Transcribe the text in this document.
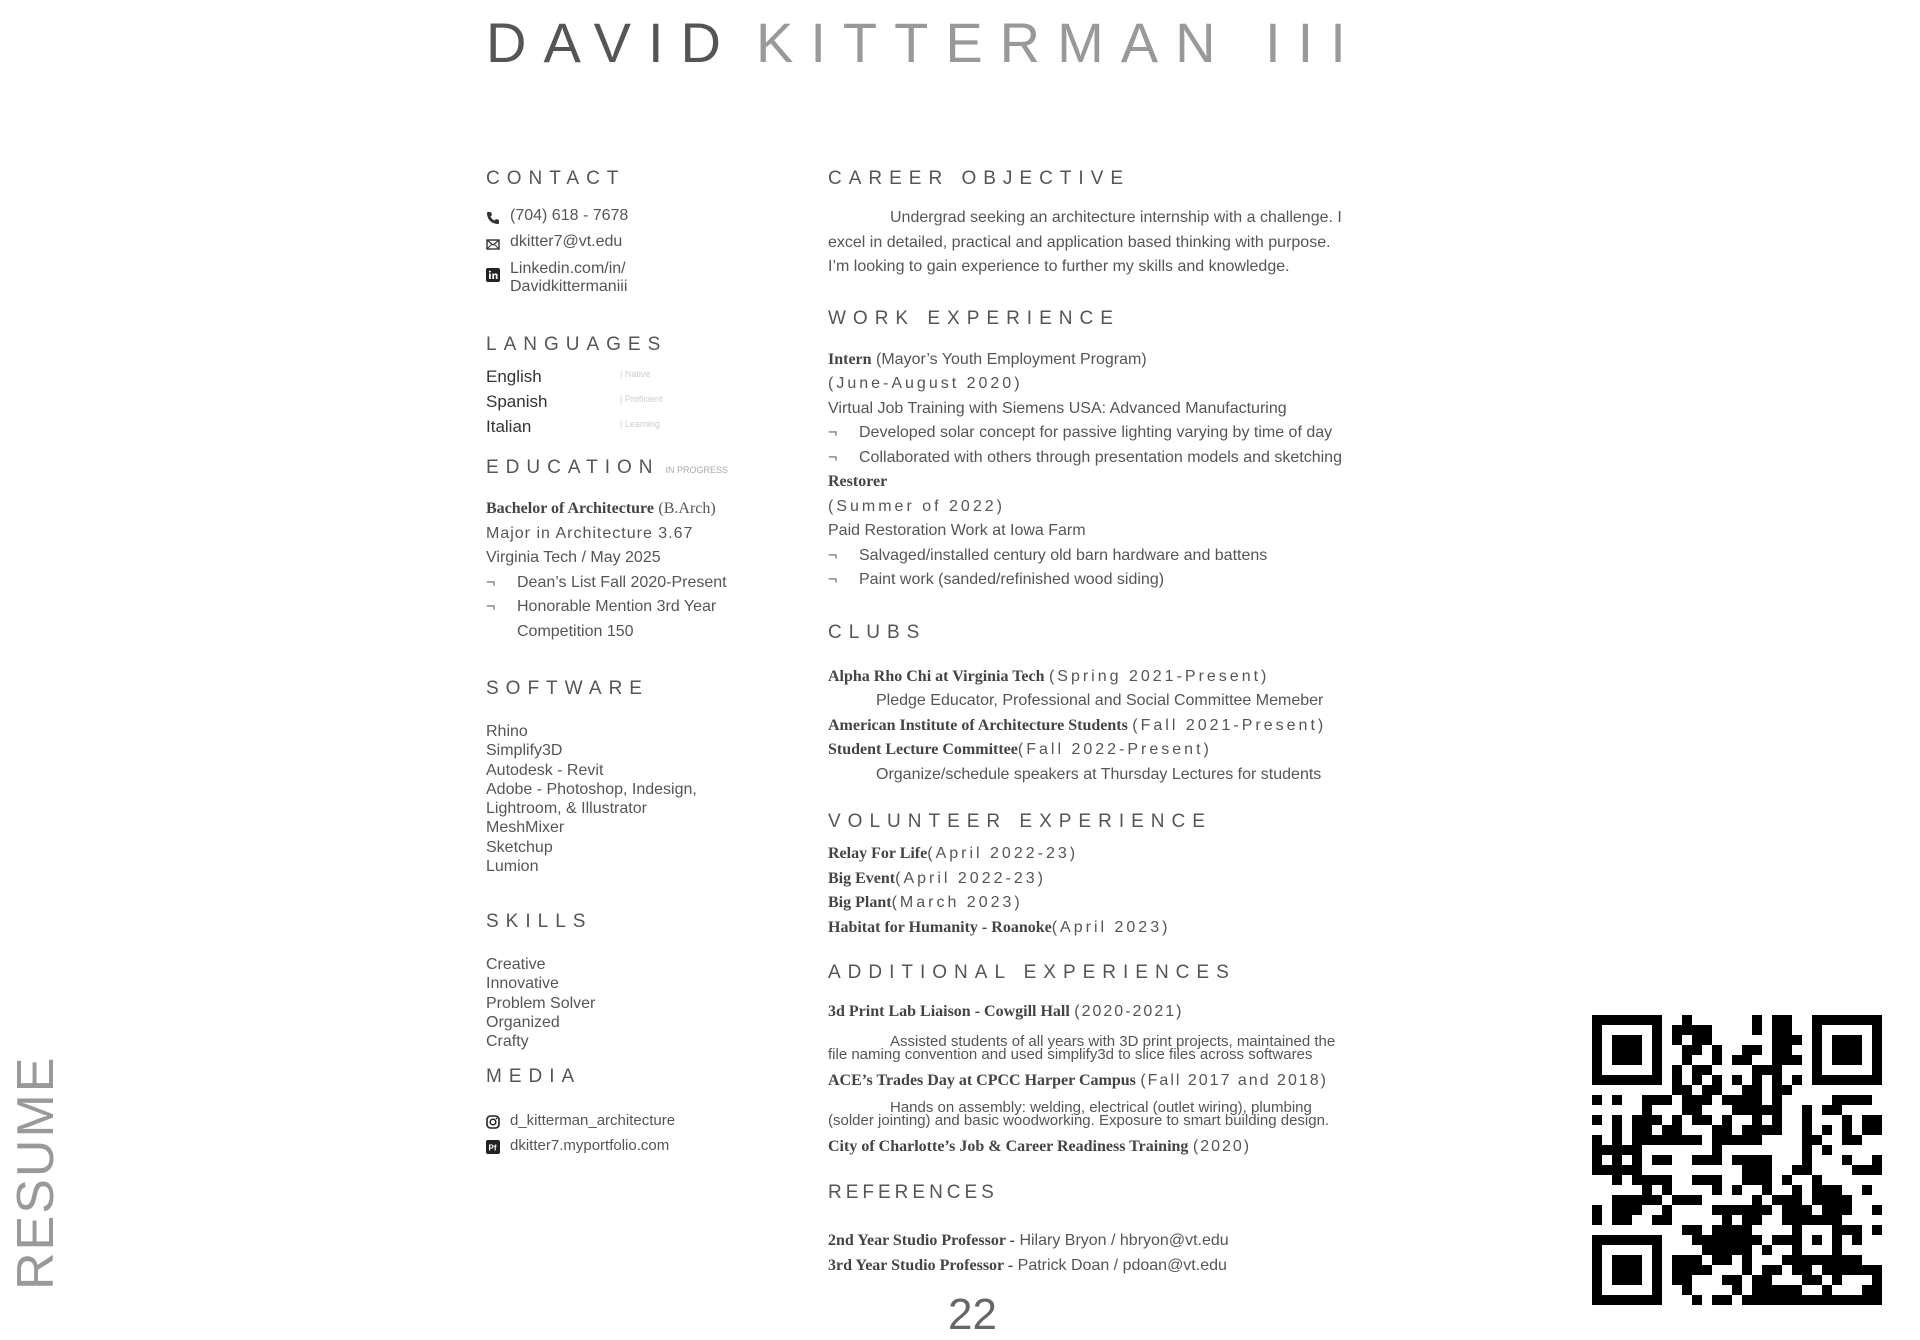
DAVID KITTERMAN III
CONTACT
(704) 618 - 7678
dkitter7@vt.edu
Linkedin.com/in/
Davidkittermaniii
LANGUAGES
English	| Native
Spanish	| Proficient
Italian	| Learning
EDUCATION IN PROGRESS
Bachelor of Architecture (B.Arch)
Major in Architecture 3.67
Virginia Tech / May 2025
¬ Dean’s List Fall 2020-Present
¬ Honorable Mention 3rd Year
Competition 150
SOFTWARE
Rhino
Simplify3D
Autodesk - Revit
Adobe - Photoshop, Indesign,
Lightroom, & Illustrator
MeshMixer
Sketchup
Lumion
SKILLS
Creative
Innovative
Problem Solver
Organized
Crafty
MEDIA
d_kitterman_architecture
Pf dkitter7.myportfolio.com
CAREER OBJECTIVE
Undergrad seeking an architecture internship with a challenge. I
excel in detailed, practical and application based thinking with purpose.
I’m looking to gain experience to further my skills and knowledge.
WORK EXPERIENCE
Intern (Mayor’s Youth Employment Program)
(June-August 2020)
Virtual Job Training with Siemens USA: Advanced Manufacturing
¬ Developed solar concept for passive lighting varying by time of day
¬ Collaborated with others through presentation models and sketching
Restorer
(Summer of 2022)
Paid Restoration Work at Iowa Farm
¬ Salvaged/installed century old barn hardware and battens
¬ Paint work (sanded/refinished wood siding)
CLUBS
Alpha Rho Chi at Virginia Tech (Spring 2021-Present)
Pledge Educator, Professional and Social Committee Memeber
American Institute of Architecture Students (Fall 2021-Present)
Student Lecture Committee(Fall 2022-Present)
Organize/schedule speakers at Thursday Lectures for students
VOLUNTEER EXPERIENCE
Relay For Life(April 2022-23)
Big Event(April 2022-23)
Big Plant(March 2023)
Habitat for Humanity - Roanoke(April 2023)
ADDITIONAL EXPERIENCES
3d Print Lab Liaison - Cowgill Hall (2020-2021)
Assisted students of all years with 3D print projects, maintained the
file naming convention and used simplify3d to slice files across softwares
ACE’s Trades Day at CPCC Harper Campus (Fall 2017 and 2018)
Hands on assembly: welding, electrical (outlet wiring), plumbing
(solder jointing) and basic woodworking. Exposure to smart building design.
City of Charlotte’s Job & Career Readiness Training (2020)
REFERENCES
2nd Year Studio Professor - Hilary Bryon / hbryon@vt.edu
3rd Year Studio Professor - Patrick Doan / pdoan@vt.edu
RESUME
22
